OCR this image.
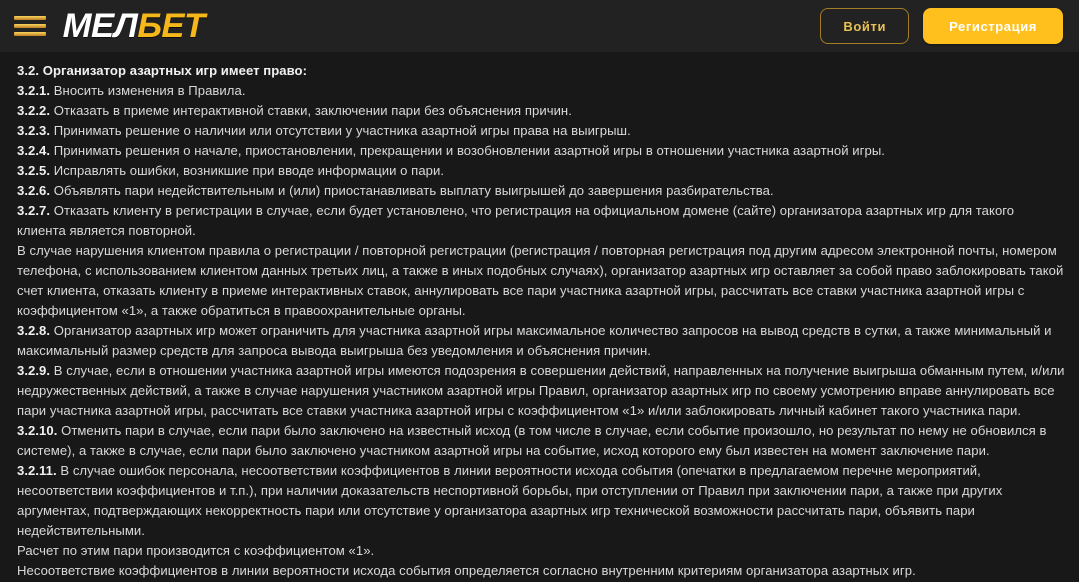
МЕЛ БЕТ	Войти	Регистрация

3.2. Организатор азартных игр имеет право:

3.2.1. Вносить изменения в Правила.

3.2.2. Отказать в приеме интерактивной ставки, заключении пари без объяснения причин.

3.2.3. Принимать решение о наличии или отсутствии у участника азартной игры права на выигрыш.

3.2.4. Принимать решения о начале, приостановлении, прекращении и возобновлении азартной игры в отношении участника азартной игры.

3.2.5. Исправлять ошибки, возникшие при вводе информации о пари.

3.2.6. Объявлять пари недействительным и (или) приостанавливать выплату выигрышей до завершения разбирательства.

3.2.7. Отказать клиенту в регистрации в случае, если будет установлено, что регистрация на официальном домене (сайте) организатора азартных игр для такого клиента является повторной.

В случае нарушения клиентом правила о регистрации / повторной регистрации (регистрация / повторная регистрация под другим адресом электронной почты, номером телефона, с использованием клиентом данных третьих лиц, а также в иных подобных случаях), организатор азартных игр оставляет за собой право заблокировать такой счет клиента, отказать клиенту в приеме интерактивных ставок, аннулировать все пари участника азартной игры, рассчитать все ставки участника азартной игры с коэффициентом «1», а также обратиться в правоохранительные органы.

3.2.8. Организатор азартных игр может ограничить для участника азартной игры максимальное количество запросов на вывод средств в сутки, а также минимальный и максимальный размер средств для запроса вывода выигрыша без уведомления и объяснения причин.

3.2.9. В случае, если в отношении участника азартной игры имеются подозрения в совершении действий, направленных на получение выигрыша обманным путем, и/или недружественных действий, а также в случае нарушения участником азартной игры Правил, организатор азартных игр по своему усмотрению вправе аннулировать все пари участника азартной игры, рассчитать все ставки участника азартной игры с коэффициентом «1» и/или заблокировать личный кабинет такого участника пари.

3.2.10. Отменить пари в случае, если пари было заключено на известный исход (в том числе в случае, если событие произошло, но результат по нему не обновился в системе), а также в случае, если пари было заключено участником азартной игры на событие, исход которого ему был известен на момент заключение пари.

3.2.11. В случае ошибок персонала, несоответствии коэффициентов в линии вероятности исхода события (опечатки в предлагаемом перечне мероприятий, несоответствии коэффициентов и т.п.), при наличии доказательств неспортивной борьбы, при отступлении от Правил при заключении пари, а также при других аргументах, подтверждающих некорректность пари или отсутствие у организатора азартных игр технической возможности рассчитать пари, объявить пари недействительными.

Расчет по этим пари производится с коэффициентом «1».

Несоответствие коэффициентов в линии вероятности исхода события определяется согласно внутренним критериям организатора азартных игр.
